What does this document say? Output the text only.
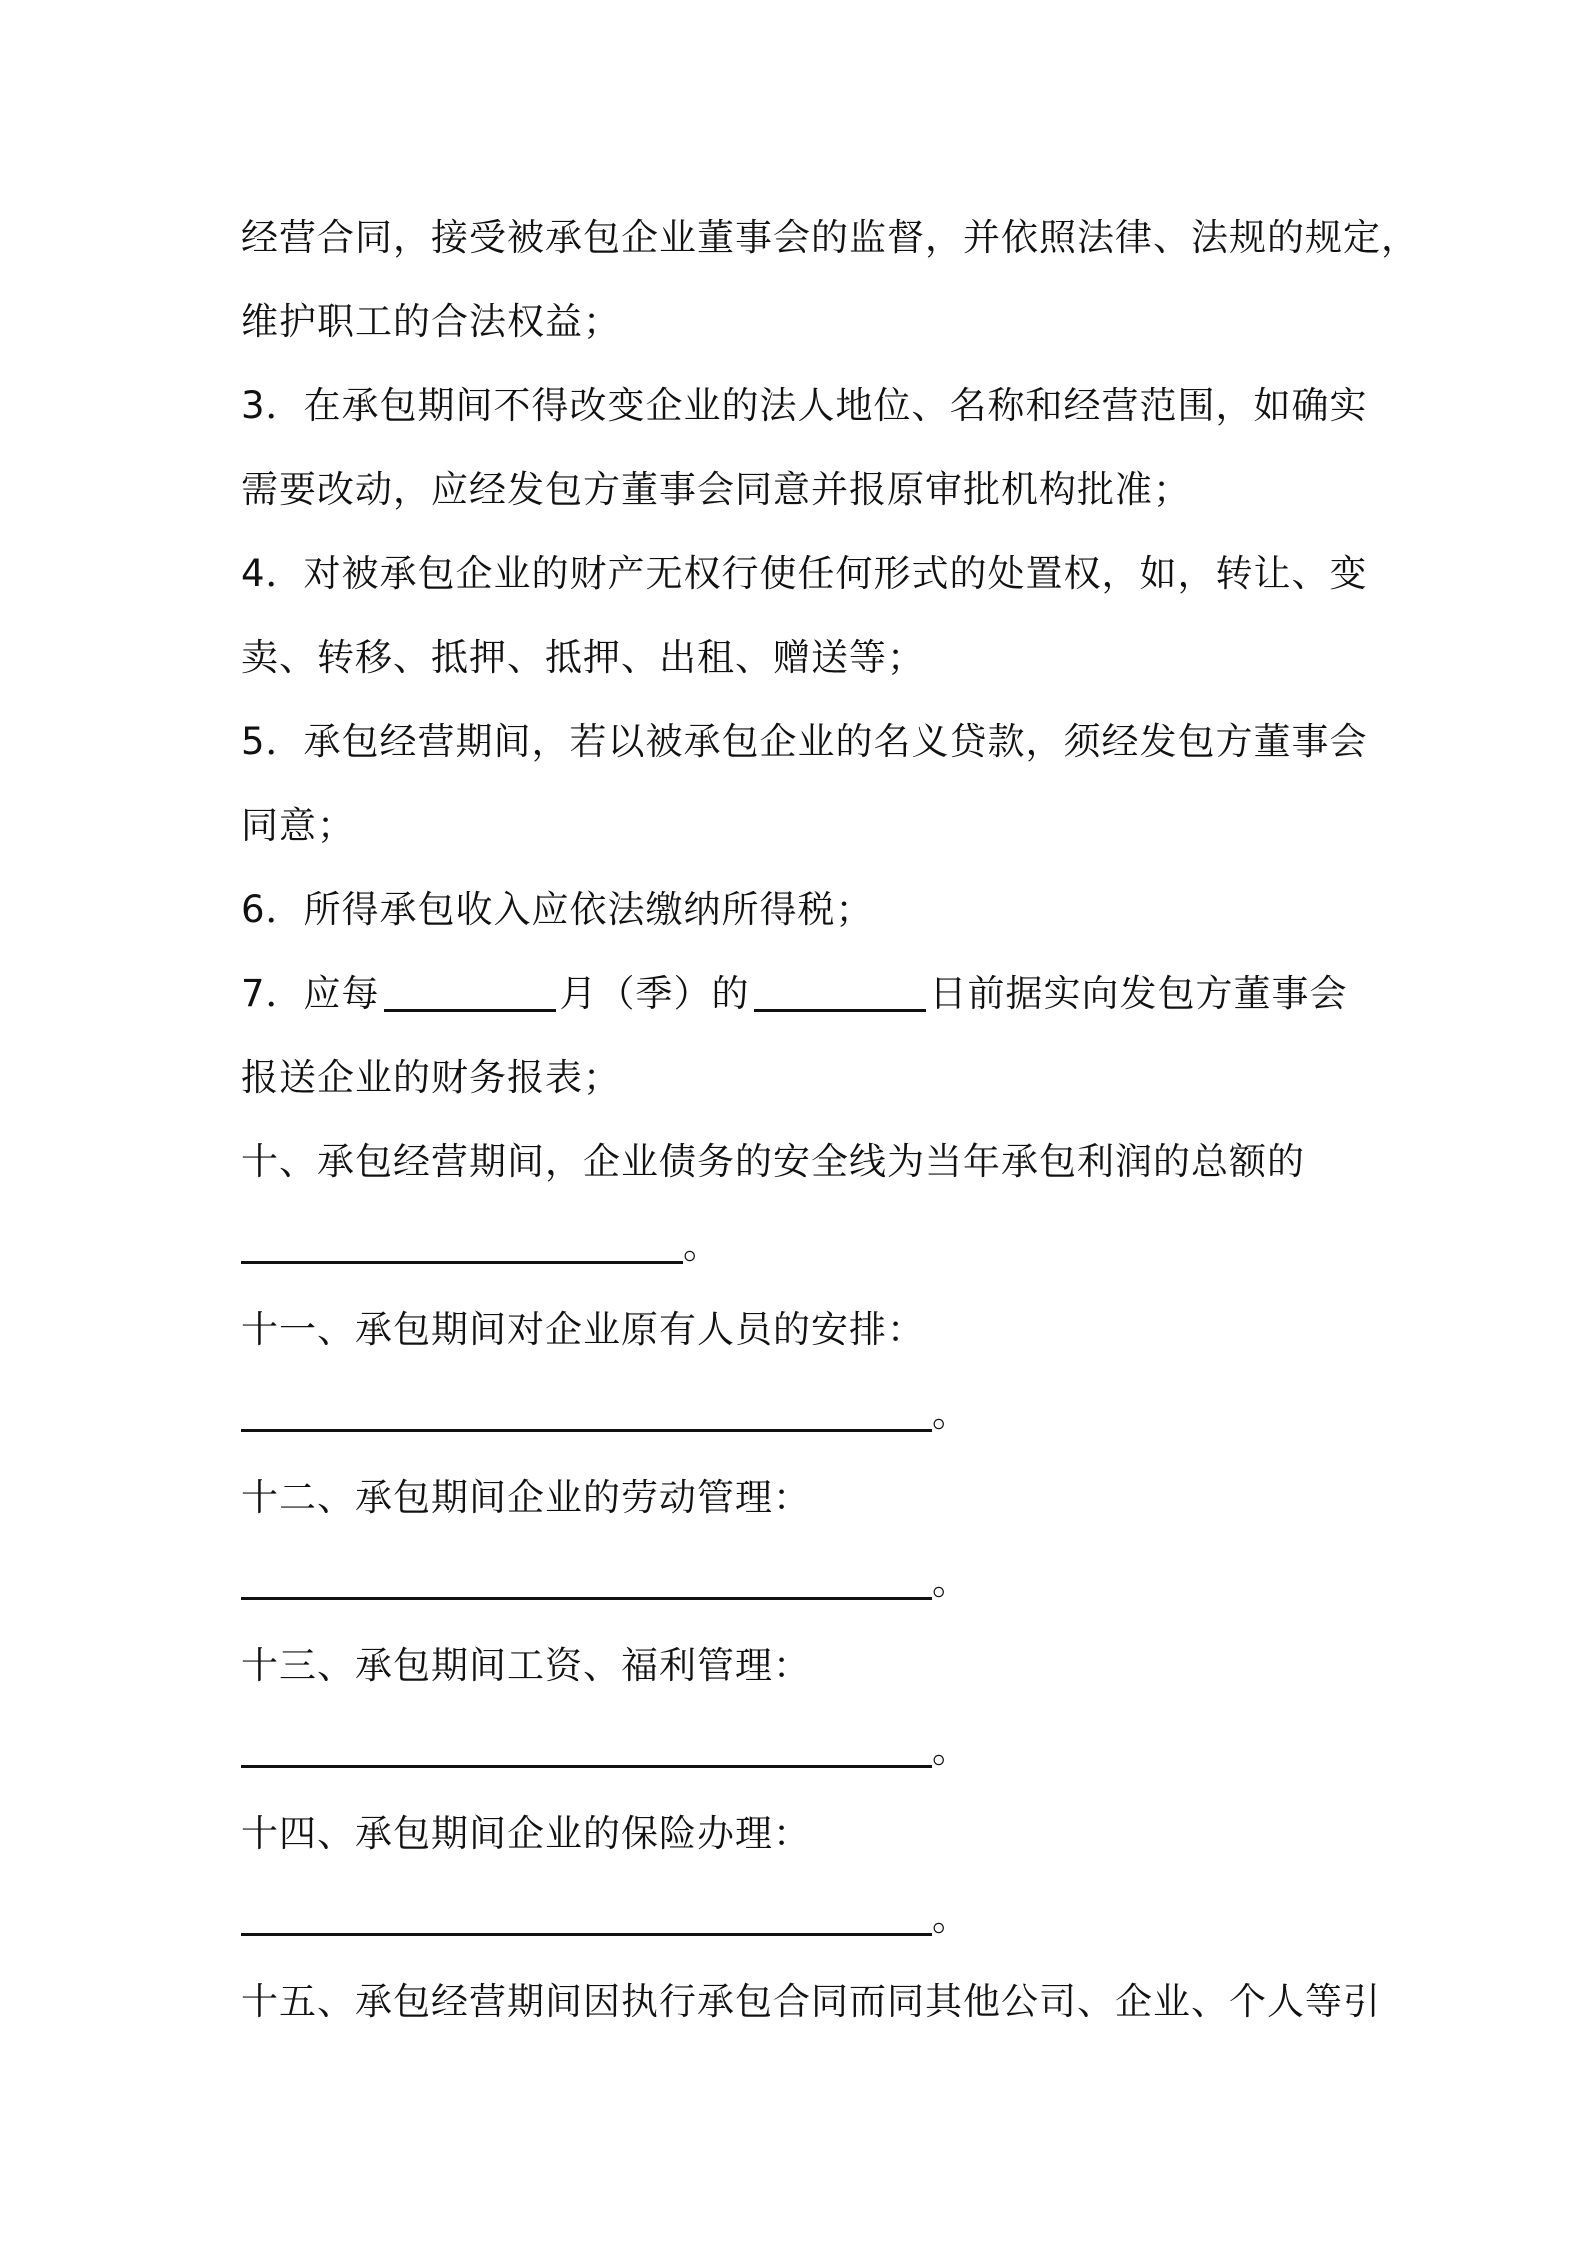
经营合同，接受被承包企业董事会的监督，并依照法律、法规的规定，
维护职工的合法权益；
3．在承包期间不得改变企业的法人地位、名称和经营范围，如确实
需要改动，应经发包方董事会同意并报原审批机构批准；
4．对被承包企业的财产无权行使任何形式的处置权，如，转让、变
卖、转移、抵押、抵押、出租、赠送等；
5．承包经营期间，若以被承包企业的名义贷款，须经发包方董事会
同意；
6．所得承包收入应依法缴纳所得税；
7．应每	月（季）的	日前据实向发包方董事会
报送企业的财务报表；
十、承包经营期间，企业债务的安全线为当年承包利润的总额的
。
十一、承包期间对企业原有人员的安排：
。
十二、承包期间企业的劳动管理：
。
十三、承包期间工资、福利管理：
。
十四、承包期间企业的保险办理：
。
十五、承包经营期间因执行承包合同而同其他公司、企业、个人等引
